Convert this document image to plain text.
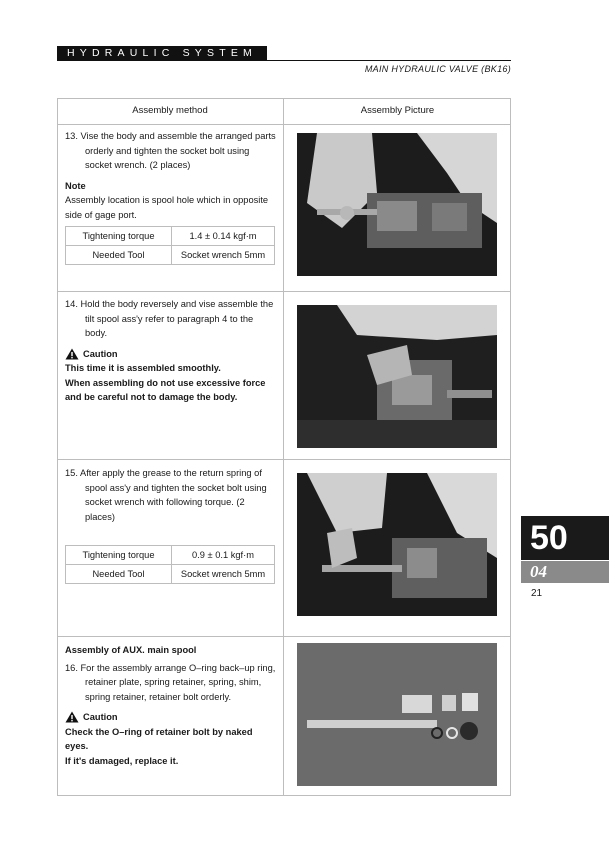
HYDRAULIC SYSTEM
MAIN HYDRAULIC VALVE (BK16)
Assembly method	Assembly Picture

13. Vise the body and assemble the arranged parts orderly and tighten the socket bolt using socket wrench. (2 places)

Note
Assembly location is spool hole which in opposite side of gage port.
Tightening torque	1.4 ± 0.14 kgf·m
Needed Tool	Socket wrench 5mm

14. Hold the body reversely and vise assemble the tilt spool ass'y refer to paragraph 4 to the body.

Caution
This time it is assembled smoothly.
When assembling do not use excessive force and be careful not to damage the body.

15. After apply the grease to the return spring of spool ass'y and tighten the socket bolt using socket wrench with following torque. (2 places)

Tightening torque	0.9 ± 0.1 kgf·m
Needed Tool	Socket wrench 5mm
Assembly of AUX. main spool

16. For the assembly arrange O–ring back–up ring, retainer plate, spring retainer, spring, shim, spring retainer, retainer bolt orderly.

Caution
Check the O–ring of retainer bolt by naked eyes.
If it's damaged, replace it.
50
04
21
